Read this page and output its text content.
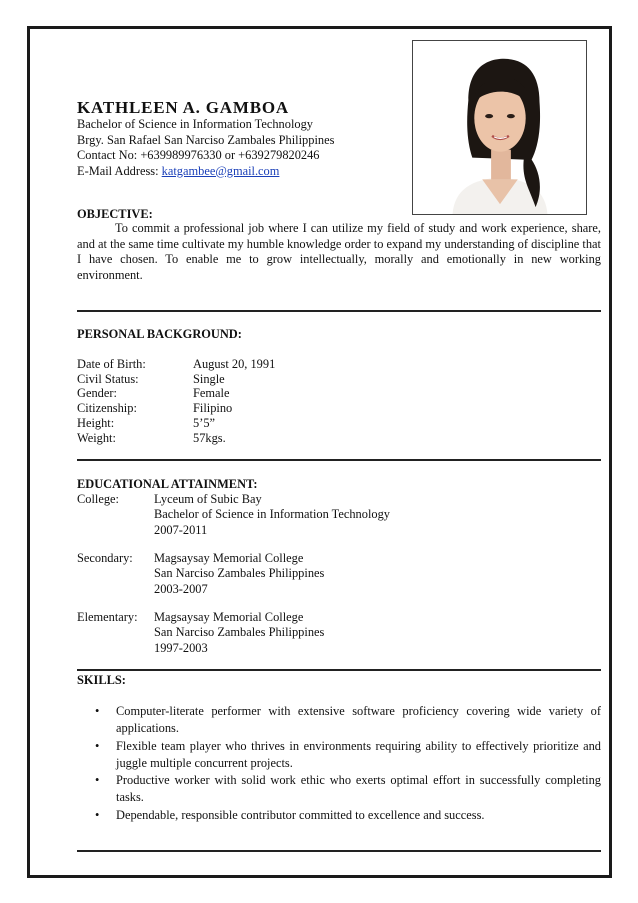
KATHLEEN A. GAMBOA
Bachelor of Science in Information Technology
Brgy. San Rafael San Narciso Zambales Philippines
Contact No: +639989976330 or +639279820246
E-Mail Address: katgambee@gmail.com
OBJECTIVE:
To commit a professional job where I can utilize my field of study and work experience, share, and at the same time cultivate my humble knowledge order to expand my understanding of discipline that I have chosen. To enable me to grow intellectually, morally and emotionally in new working environment.
PERSONAL BACKGROUND:
Date of Birth:	August 20, 1991
Civil Status:	Single
Gender:	Female
Citizenship:	Filipino
Height:	5’5”
Weight:	57kgs.
EDUCATIONAL ATTAINMENT:
College:	Lyceum of Subic Bay
Bachelor of Science in Information Technology
2007-2011
Secondary:	Magsaysay Memorial College
San Narciso Zambales Philippines
2003-2007
Elementary:	Magsaysay Memorial College
San Narciso Zambales Philippines
1997-2003
SKILLS:
• Computer-literate performer with extensive software proficiency covering wide variety of applications.
• Flexible team player who thrives in environments requiring ability to effectively prioritize and juggle multiple concurrent projects.
• Productive worker with solid work ethic who exerts optimal effort in successfully completing tasks.
• Dependable, responsible contributor committed to excellence and success.
